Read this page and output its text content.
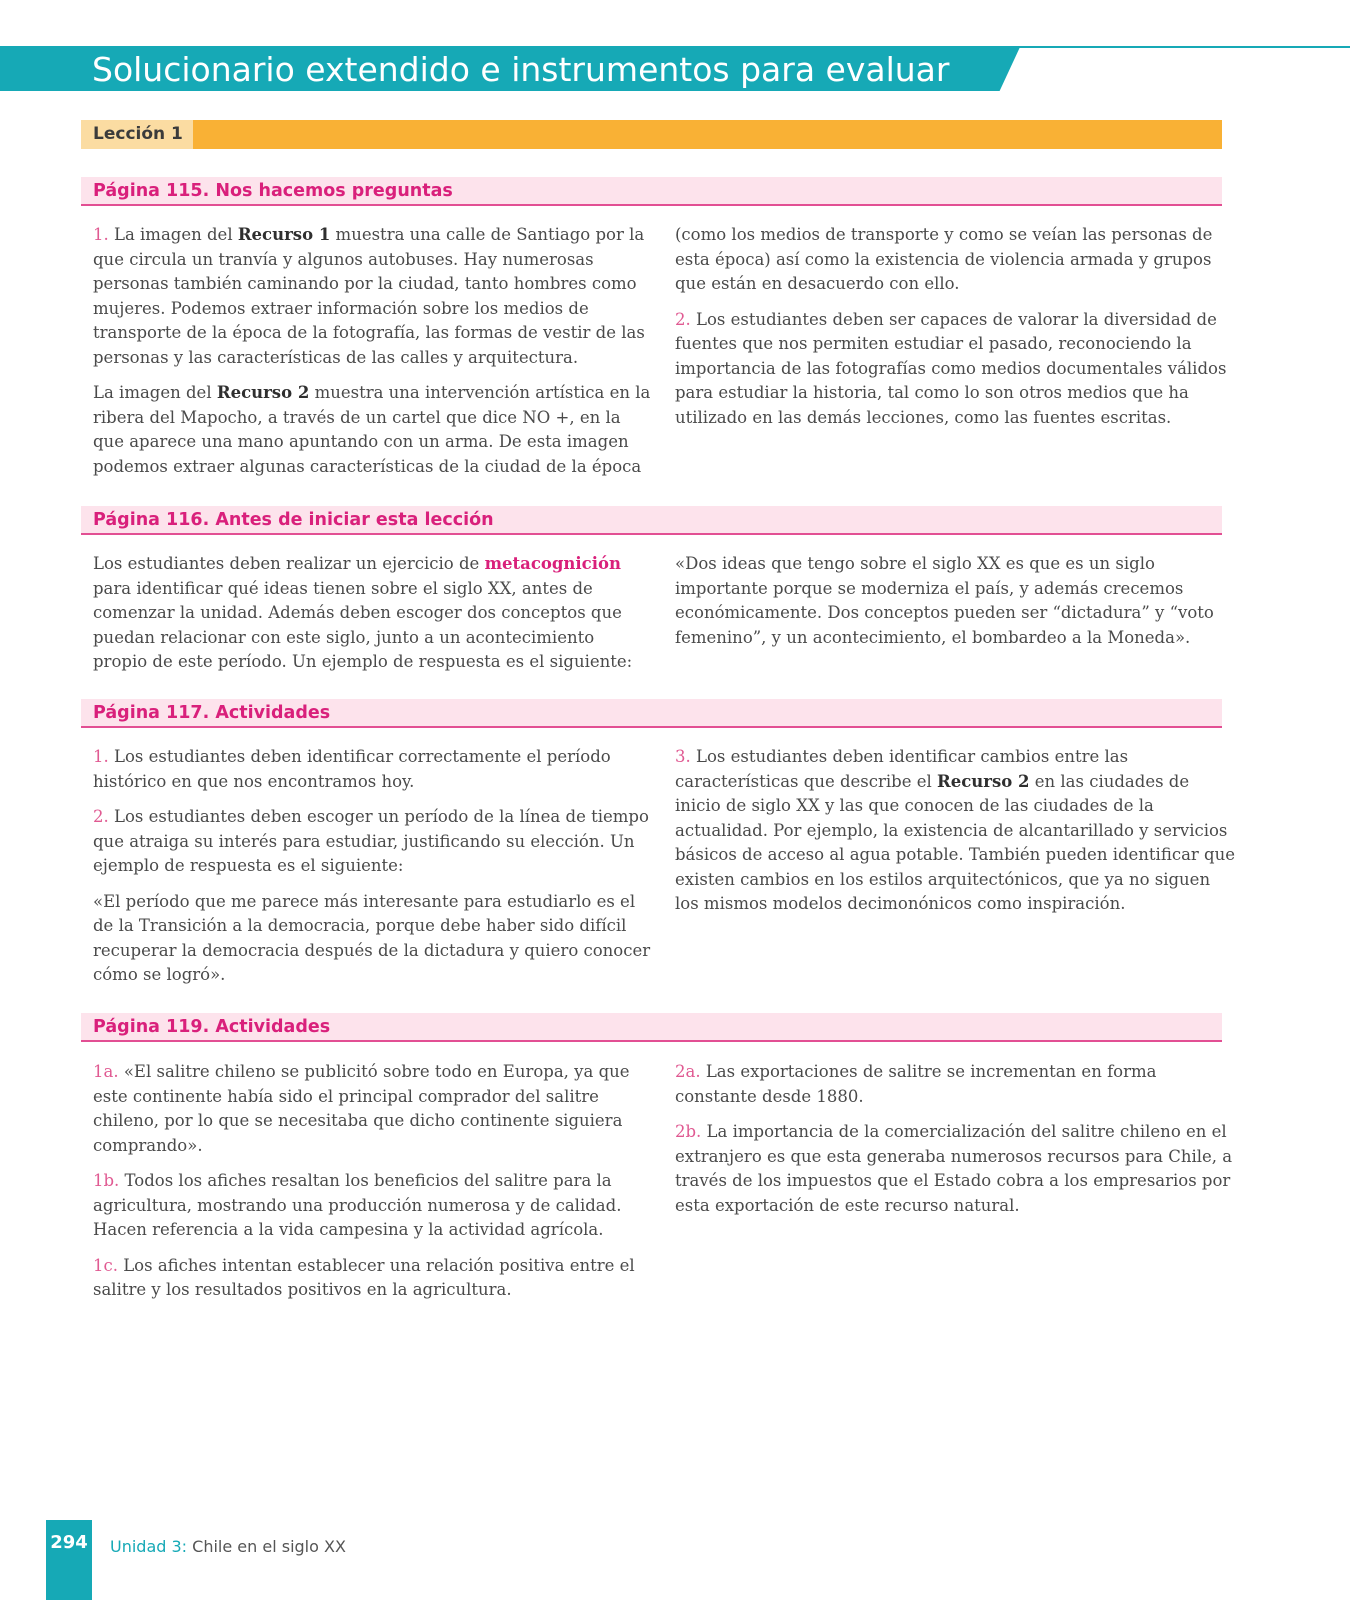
Solucionario extendido e instrumentos para evaluar
Lección 1
Página 115. Nos hacemos preguntas

1. La imagen del Recurso 1 muestra una calle de Santiago por la que circula un tranvía y algunos autobuses. Hay numerosas personas también caminando por la ciudad, tanto hombres como mujeres. Podemos extraer información sobre los medios de transporte de la época de la fotografía, las formas de vestir de las personas y las características de las calles y arquitectura.

La imagen del Recurso 2 muestra una intervención artística en la ribera del Mapocho, a través de un cartel que dice NO +, en la que aparece una mano apuntando con un arma. De esta imagen podemos extraer algunas características de la ciudad de la época

(como los medios de transporte y como se veían las personas de esta época) así como la existencia de violencia armada y grupos que están en desacuerdo con ello.

2. Los estudiantes deben ser capaces de valorar la diversidad de fuentes que nos permiten estudiar el pasado, reconociendo la importancia de las fotografías como medios documentales válidos para estudiar la historia, tal como lo son otros medios que ha utilizado en las demás lecciones, como las fuentes escritas.

Página 116. Antes de iniciar esta lección

Los estudiantes deben realizar un ejercicio de metacognición para identificar qué ideas tienen sobre el siglo XX, antes de comenzar la unidad. Además deben escoger dos conceptos que puedan relacionar con este siglo, junto a un acontecimiento propio de este período. Un ejemplo de respuesta es el siguiente:

«Dos ideas que tengo sobre el siglo XX es que es un siglo importante porque se moderniza el país, y además crecemos económicamente. Dos conceptos pueden ser “dictadura” y “voto femenino”, y un acontecimiento, el bombardeo a la Moneda».

Página 117. Actividades

1. Los estudiantes deben identificar correctamente el período histórico en que nos encontramos hoy.

2. Los estudiantes deben escoger un período de la línea de tiempo que atraiga su interés para estudiar, justificando su elección. Un ejemplo de respuesta es el siguiente:

«El período que me parece más interesante para estudiarlo es el de la Transición a la democracia, porque debe haber sido difícil recuperar la democracia después de la dictadura y quiero conocer cómo se logró».

3. Los estudiantes deben identificar cambios entre las características que describe el Recurso 2 en las ciudades de inicio de siglo XX y las que conocen de las ciudades de la actualidad. Por ejemplo, la existencia de alcantarillado y servicios básicos de acceso al agua potable. También pueden identificar que existen cambios en los estilos arquitectónicos, que ya no siguen los mismos modelos decimonónicos como inspiración.

Página 119. Actividades

1a. «El salitre chileno se publicitó sobre todo en Europa, ya que este continente había sido el principal comprador del salitre chileno, por lo que se necesitaba que dicho continente siguiera comprando».

1b. Todos los afiches resaltan los beneficios del salitre para la agricultura, mostrando una producción numerosa y de calidad. Hacen referencia a la vida campesina y la actividad agrícola.

1c. Los afiches intentan establecer una relación positiva entre el salitre y los resultados positivos en la agricultura.

2a. Las exportaciones de salitre se incrementan en forma constante desde 1880.

2b. La importancia de la comercialización del salitre chileno en el extranjero es que esta generaba numerosos recursos para Chile, a través de los impuestos que el Estado cobra a los empresarios por esta exportación de este recurso natural.

294 Unidad 3: Chile en el siglo XX
